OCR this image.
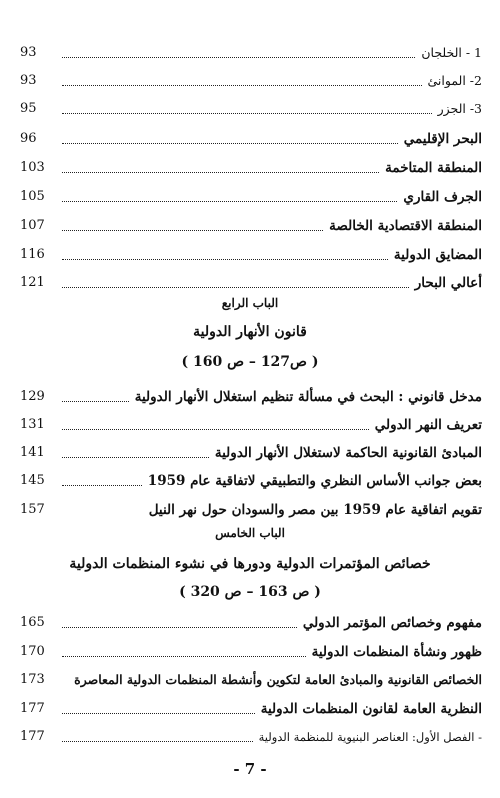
93	1 - الخلجان
93	2- الموانئ
95	3- الجزر
96	البحر الإقليمي
103	المنطقة المتاخمة
105	الجرف القاري
107	المنطقة الاقتصادية الخالصة
116	المضايق الدولية
121	أعالي البحار
الباب الرابع
قانون الأنهار الدولية
( ص127 – ص 160 )
129	مدخل قانوني : البحث في مسألة تنظيم استغلال الأنهار الدولية
131	تعريف النهر الدولي
141	المبادئ القانونية الحاكمة لاستغلال الأنهار الدولية
145	بعض جوانب الأساس النظري والتطبيقي لاتفاقية عام 1959
157	تقويم اتفاقية عام 1959 بين مصر والسودان حول نهر النيل
الباب الخامس
خصائص المؤتمرات الدولية ودورها في نشوء المنظمات الدولية
( ص 163 – ص 320 )
165	مفهوم وخصائص المؤتمر الدولي
170	ظهور ونشأة المنظمات الدولية
173 الخصائص القانونية والمبادئ العامة لتكوين وأنشطة المنظمات الدولية المعاصرة
177	النظرية العامة لقانون المنظمات الدولية
177	- الفصل الأول: العناصر البنيوية للمنظمة الدولية
- 7 -
